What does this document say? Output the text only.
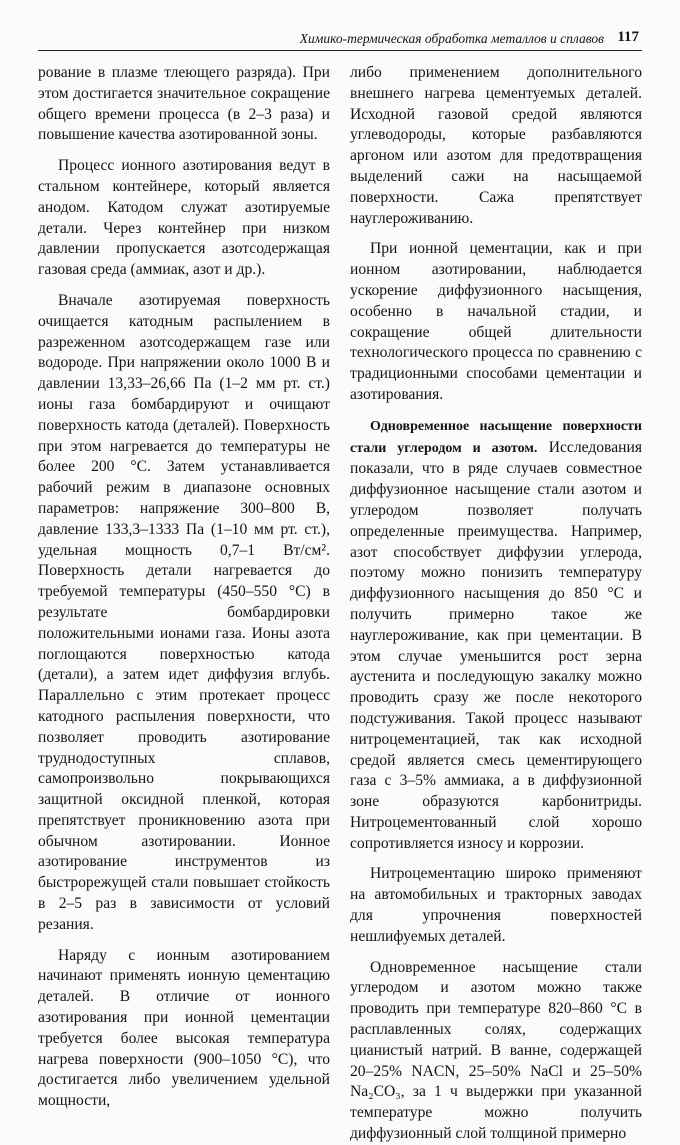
Химико-термическая обработка металлов и сплавов 117

рование в плазме тлеющего разряда). При этом достигается значительное сокращение общего времени процесса (в 2–3 раза) и повышение качества азотированной зоны.

Процесс ионного азотирования ведут в стальном контейнере, который является анодом. Катодом служат азотируемые детали. Через контейнер при низком давлении пропускается азотсодержащая газовая среда (аммиак, азот и др.).

Вначале азотируемая поверхность очищается катодным распылением в разреженном азотсодержащем газе или водороде. При напряжении около 1000 В и давлении 13,33–26,66 Па (1–2 мм рт. ст.) ионы газа бомбардируют и очищают поверхность катода (деталей). Поверхность при этом нагревается до температуры не более 200 °С. Затем устанавливается рабочий режим в диапазоне основных параметров: напряжение 300–800 В, давление 133,3–1333 Па (1–10 мм рт. ст.), удельная мощность 0,7–1 Вт/см². Поверхность детали нагревается до требуемой температуры (450–550 °С) в результате бомбардировки положительными ионами газа. Ионы азота поглощаются поверхностью катода (детали), а затем идет диффузия вглубь. Параллельно с этим протекает процесс катодного распыления поверхности, что позволяет проводить азотирование труднодоступных сплавов, самопроизвольно покрывающихся защитной оксидной пленкой, которая препятствует проникновению азота при обычном азотировании. Ионное азотирование инструментов из быстрорежущей стали повышает стойкость в 2–5 раз в зависимости от условий резания.

Наряду с ионным азотированием начинают применять ионную цементацию деталей. В отличие от ионного азотирования при ионной цементации требуется более высокая температура нагрева поверхности (900–1050 °С), что достигается либо увеличением удельной мощности,

либо применением дополнительного внешнего нагрева цементуемых деталей. Исходной газовой средой являются углеводороды, которые разбавляются аргоном или азотом для предотвращения выделений сажи на насыщаемой поверхности. Сажа препятствует науглероживанию.

При ионной цементации, как и при ионном азотировании, наблюдается ускорение диффузионного насыщения, особенно в начальной стадии, и сокращение общей длительности технологического процесса по сравнению с традиционными способами цементации и азотирования.

Одновременное насыщение поверхности стали углеродом и азотом. Исследования показали, что в ряде случаев совместное диффузионное насыщение стали азотом и углеродом позволяет получать определенные преимущества. Например, азот способствует диффузии углерода, поэтому можно понизить температуру диффузионного насыщения до 850 °С и получить примерно такое же науглероживание, как при цементации. В этом случае уменьшится рост зерна аустенита и последующую закалку можно проводить сразу же после некоторого подстуживания. Такой процесс называют нитроцементацией, так как исходной средой является смесь цементирующего газа с 3–5% аммиака, а в диффузионной зоне образуются карбонитриды. Нитроцементованный слой хорошо сопротивляется износу и коррозии.

Нитроцементацию широко применяют на автомобильных и тракторных заводах для упрочнения поверхностей нешлифуемых деталей.

Одновременное насыщение стали углеродом и азотом можно также проводить при температуре 820–860 °С в расплавленных солях, содержащих цианистый натрий. В ванне, содержащей 20–25% NACN, 25–50% NaCl и 25–50% Na₂CO₃, за 1 ч выдержки при указанной температуре можно получить диффузионный слой толщиной примерно
